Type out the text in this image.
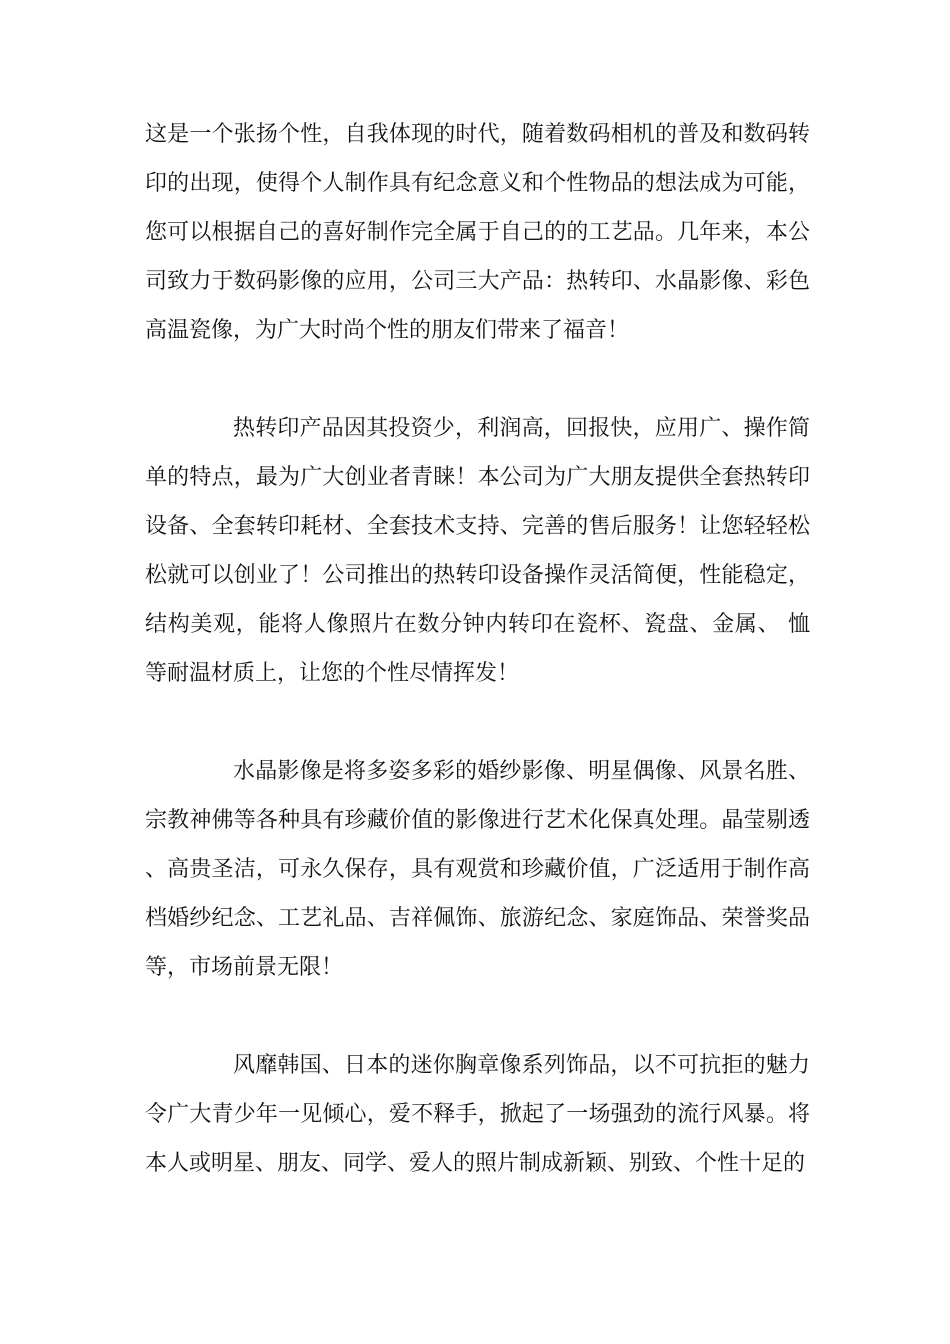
这是一个张扬个性，自我体现的时代，随着数码相机的普及和数码转印的出现，使得个人制作具有纪念意义和个性物品的想法成为可能，您可以根据自己的喜好制作完全属于自己的的工艺品。几年来，本公司致力于数码影像的应用，公司三大产品：热转印、水晶影像、彩色高温瓷像，为广大时尚个性的朋友们带来了福音！

热转印产品因其投资少，利润高，回报快，应用广、操作简单的特点，最为广大创业者青睐！本公司为广大朋友提供全套热转印设备、全套转印耗材、全套技术支持、完善的售后服务！让您轻轻松松就可以创业了！公司推出的热转印设备操作灵活简便，性能稳定，结构美观，能将人像照片在数分钟内转印在瓷杯、瓷盘、金属、 恤等耐温材质上，让您的个性尽情挥发！

水晶影像是将多姿多彩的婚纱影像、明星偶像、风景名胜、宗教神佛等各种具有珍藏价值的影像进行艺术化保真处理。晶莹剔透、高贵圣洁，可永久保存，具有观赏和珍藏价值，广泛适用于制作高档婚纱纪念、工艺礼品、吉祥佩饰、旅游纪念、家庭饰品、荣誉奖品等，市场前景无限！

风靡韩国、日本的迷你胸章像系列饰品，以不可抗拒的魅力令广大青少年一见倾心，爱不释手，掀起了一场强劲的流行风暴。将本人或明星、朋友、同学、爱人的照片制成新颖、别致、个性十足的
